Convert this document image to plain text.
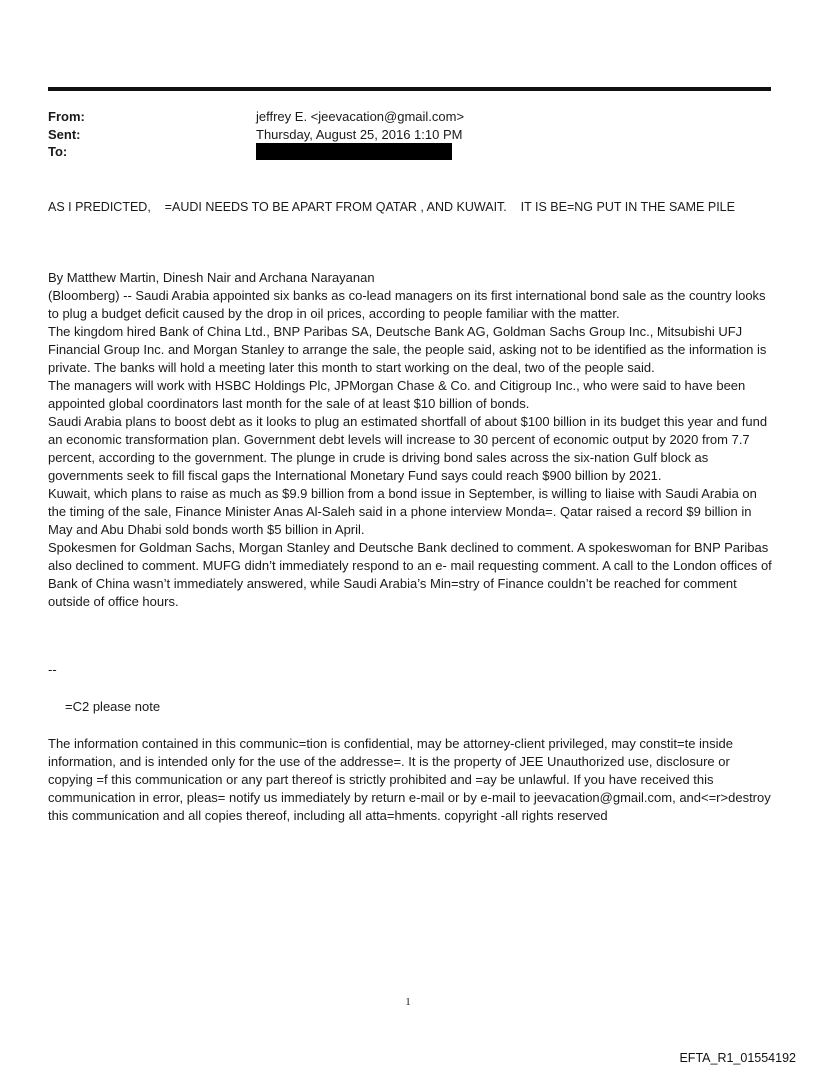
From:	jeffrey E. <jeevacation@gmail.com>
Sent:	Thursday, August 25, 2016 1:10 PM
To:
AS I PREDICTED,    =AUDI NEEDS TO BE APART FROM QATAR , AND KUWAIT.    IT IS BE=NG PUT IN THE SAME PILE

By Matthew Martin, Dinesh Nair and Archana Narayanan

(Bloomberg) -- Saudi Arabia appointed six banks as co-lead managers on its first international bond sale as the country looks to plug a budget deficit caused by the drop in oil prices, according to people familiar with the matter.

The kingdom hired Bank of China Ltd., BNP Paribas SA, Deutsche Bank AG, Goldman Sachs Group Inc., Mitsubishi UFJ Financial Group Inc. and Morgan Stanley to arrange the sale, the people said, asking not to be identified as the information is private. The banks will hold a meeting later this month to start working on the deal, two of the people said.

The managers will work with HSBC Holdings Plc, JPMorgan Chase & Co. and Citigroup Inc., who were said to have been appointed global coordinators last month for the sale of at least $10 billion of bonds.

Saudi Arabia plans to boost debt as it looks to plug an estimated shortfall of about $100 billion in its budget this year and fund an economic transformation plan. Government debt levels will increase to 30 percent of economic output by 2020 from 7.7 percent, according to the government. The plunge in crude is driving bond sales across the six-nation Gulf block as governments seek to fill fiscal gaps the International Monetary Fund says could reach $900 billion by 2021.

Kuwait, which plans to raise as much as $9.9 billion from a bond issue in September, is willing to liaise with Saudi Arabia on the timing of the sale, Finance Minister Anas Al-Saleh said in a phone interview Monda=. Qatar raised a record $9 billion in May and Abu Dhabi sold bonds worth $5 billion in April.

Spokesmen for Goldman Sachs, Morgan Stanley and Deutsche Bank declined to comment. A spokeswoman for BNP Paribas also declined to comment. MUFG didn’t immediately respond to an e- mail requesting comment. A call to the London offices of Bank of China wasn’t immediately answered, while Saudi Arabia’s Min=stry of Finance couldn’t be reached for comment outside of office hours.

--
=C2 please note
The information contained in this communic=tion is confidential, may be attorney-client privileged, may constit=te inside information, and is intended only for the use of the addresse=. It is the property of JEE Unauthorized use, disclosure or copying =f this communication or any part thereof is strictly prohibited and =ay be unlawful. If you have received this communication in error, pleas= notify us immediately by return e-mail or by e-mail to jeevacation@gmail.com, and<=r>destroy this communication and all copies thereof, including all atta=hments. copyright -all rights reserved
1
EFTA_R1_01554192
